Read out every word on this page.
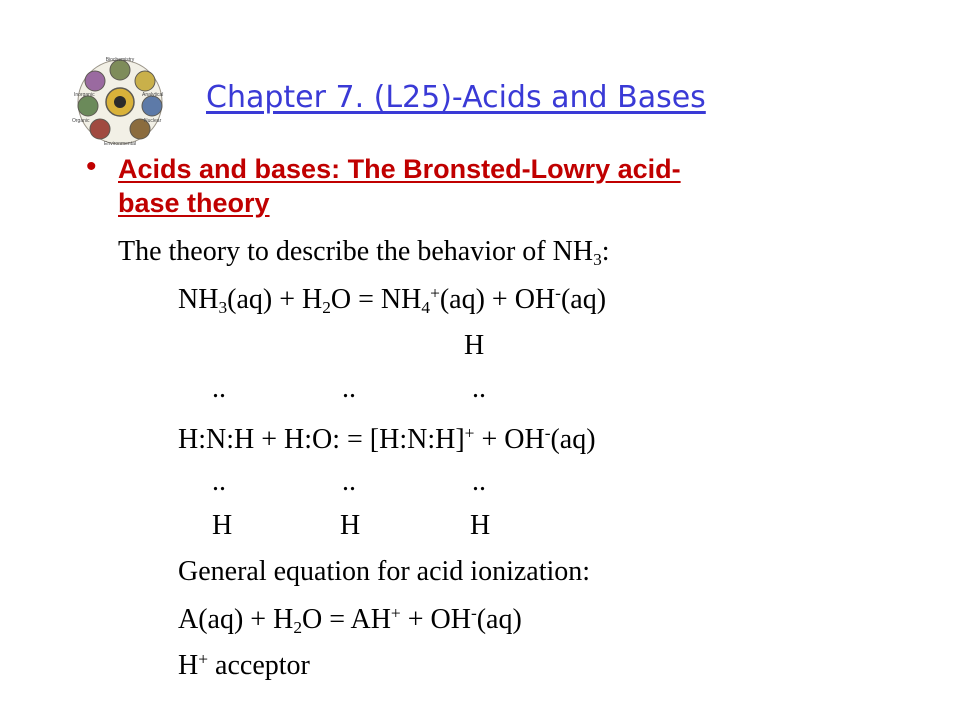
Biochemistry
Inorganic	Analytical
Organic	Nuclear
Environmental
Chapter 7. (L25)-Acids and Bases
• Acids and bases: The Bronsted-Lowry acid-
base theory
The theory to describe the behavior of $NH_3$:
$NH_3(aq) + H_2O = NH_4^+(aq) + OH^-(aq)$
H
..	..	..
H:N:H + H:O: = [H:N:H]+ + OH-(aq)
..	..	..
H	H	H
General equation for acid ionization:
$A(aq) + H_2O = AH^+ + OH^-(aq)$
H+ acceptor
